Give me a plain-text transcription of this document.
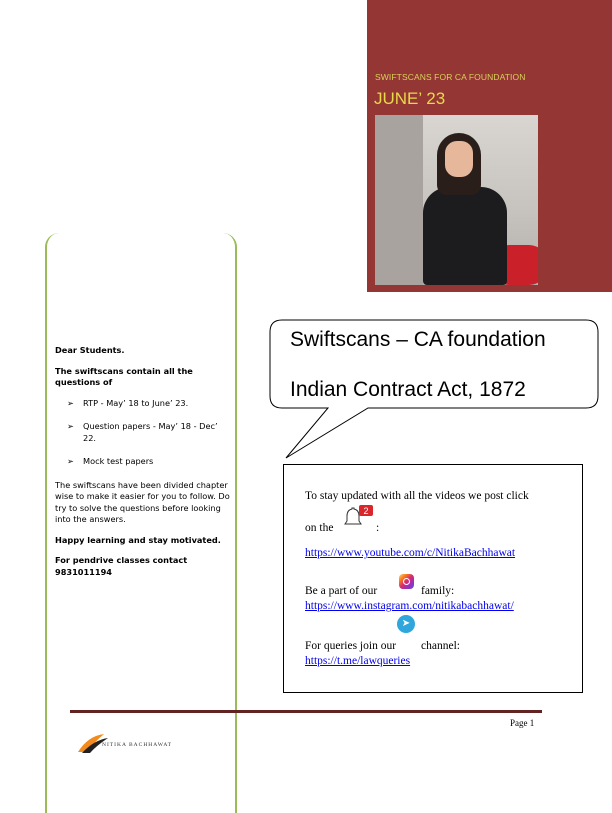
SWIFTSCANS FOR CA FOUNDATION
JUNE’ 23

Dear Students.

The swiftscans contain all the questions of

➢ RTP - May’ 18 to June’ 23.
➢ Question papers - May’ 18 - Dec’ 22.
➢ Mock test papers

The swiftscans have been divided chapter wise to make it easier for you to follow. Do try to solve the questions before looking into the answers.

Happy learning and stay motivated.

For pendrive classes contact
9831011194

Swiftscans – CA foundation
Indian Contract Act, 1872
To stay updated with all the videos we post click
on the
2
:
https://www.youtube.com/c/NitikaBachhawat
Be a part of our	family:
https://www.instagram.com/nitikabachhawat/
For queries join our
➤
channel:
https://t.me/lawqueries
Page 1
NITIKA BACHHAWAT
